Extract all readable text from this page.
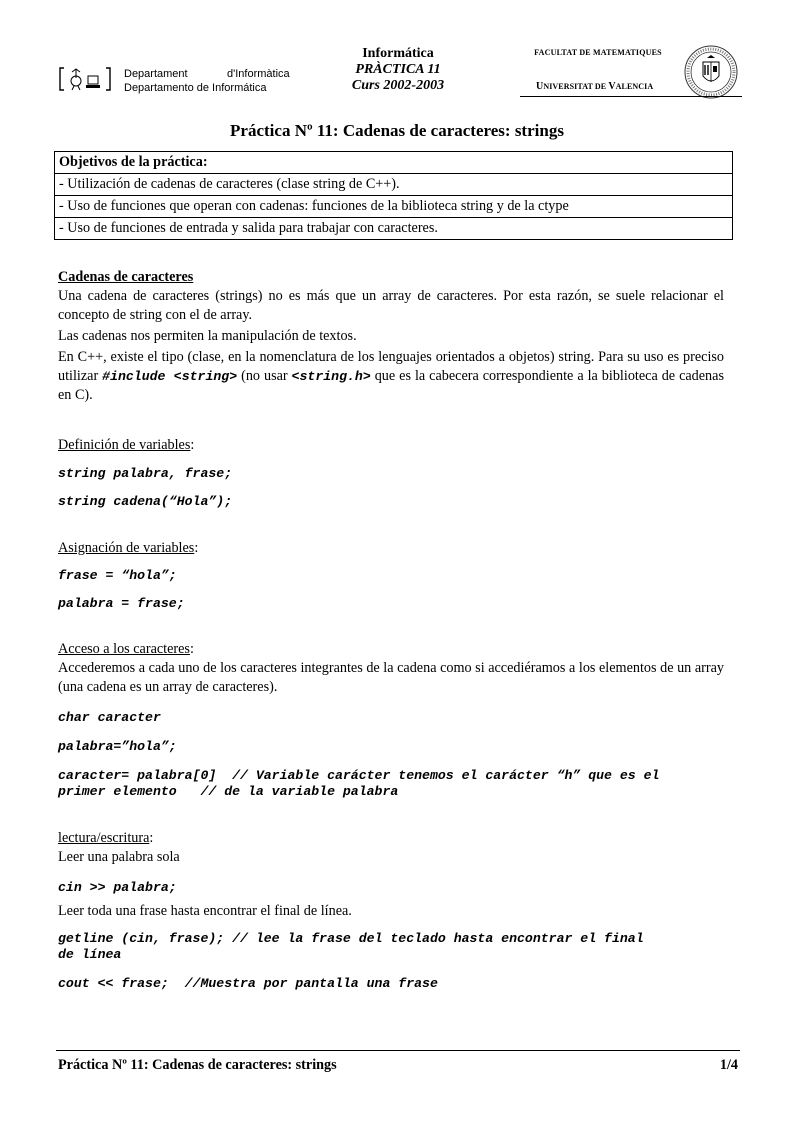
Departament	d'Informàtica
Departamento de Informática
Informática
PRÀCTICA 11
Curs 2002-2003
FACULTAT DE MATEMATIQUES
UNIVERSITAT DE VALENCIA
Práctica Nº 11: Cadenas de caracteres: strings
Objetivos de la práctica:
- Utilización de cadenas de caracteres (clase string de C++).
- Uso de funciones que operan con cadenas: funciones de la biblioteca string y de la ctype
- Uso de funciones de entrada y salida para trabajar con caracteres.
Cadenas de caracteres

Una cadena de caracteres (strings) no es más que un array de caracteres. Por esta razón, se suele relacionar el concepto de string con el de array.

Las cadenas nos permiten la manipulación de textos.

En C++, existe el tipo (clase, en la nomenclatura de los lenguajes orientados a objetos) string. Para su uso es preciso utilizar #include <string> (no usar <string.h> que es la cabecera correspondiente a la biblioteca de cadenas en C).

Definición de variables:
string palabra, frase;
string cadena(“Hola”);
Asignación de variables:
frase = “hola”;
palabra = frase;
Acceso a los caracteres:

Accederemos a cada uno de los caracteres integrantes de la cadena como si accediéramos a los elementos de un array (una cadena es un array de caracteres).

char caracter
palabra=”hola”;
caracter= palabra[0]  // Variable carácter tenemos el carácter “h” que es el
primer elemento   // de la variable palabra
lectura/escritura:

Leer una palabra sola

cin >> palabra;
Leer toda una frase hasta encontrar el final de línea.
getline (cin, frase); // lee la frase del teclado hasta encontrar el final
de línea
cout << frase;  //Muestra por pantalla una frase
Práctica Nº 11: Cadenas de caracteres: strings	1/4
